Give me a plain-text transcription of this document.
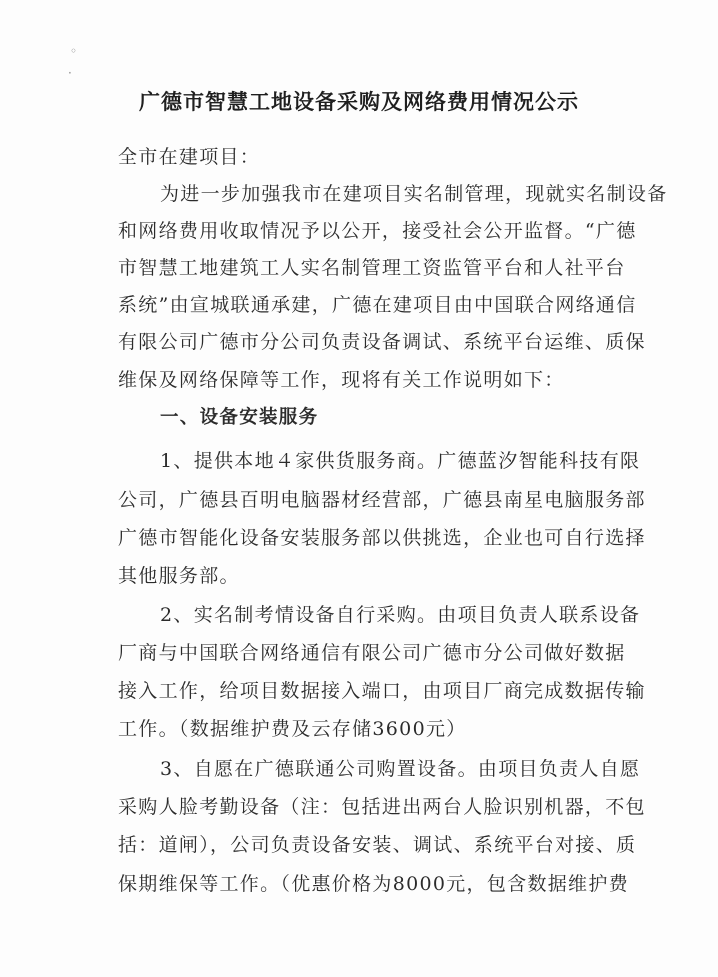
◦
·
广德市智慧工地设备采购及网络费用情况公示
全市在建项目：
为进一步加强我市在建项目实名制管理，现就实名制设备
和网络费用收取情况予以公开，接受社会公开监督。“广德
市智慧工地建筑工人实名制管理工资监管平台和人社平台
系统”由宣城联通承建，广德在建项目由中国联合网络通信
有限公司广德市分公司负责设备调试、系统平台运维、质保
维保及网络保障等工作，现将有关工作说明如下：
一、设备安装服务
1、提供本地４家供货服务商。广德蓝汐智能科技有限
公司，广德县百明电脑器材经营部，广德县南星电脑服务部
广德市智能化设备安装服务部以供挑选，企业也可自行选择
其他服务部。
2、实名制考情设备自行采购。由项目负责人联系设备
厂商与中国联合网络通信有限公司广德市分公司做好数据
接入工作，给项目数据接入端口，由项目厂商完成数据传输
工作。（数据维护费及云存储3600元）
3、自愿在广德联通公司购置设备。由项目负责人自愿
采购人脸考勤设备（注：包括进出两台人脸识别机器，不包
括：道闸），公司负责设备安装、调试、系统平台对接、质
保期维保等工作。（优惠价格为8000元，包含数据维护费
